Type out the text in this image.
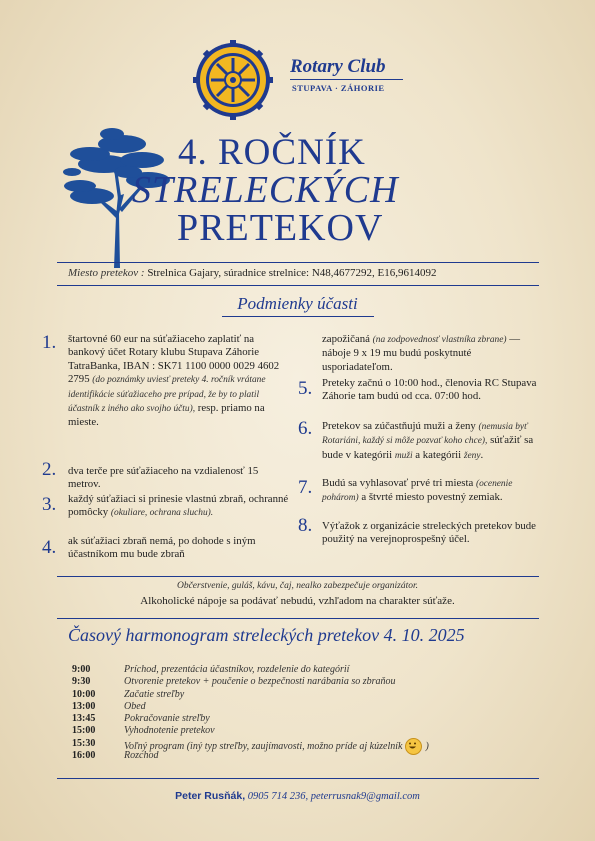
Rotary Club
STUPAVA · ZÁHORIE
4. ROČNÍK
STRELECKÝCH
PRETEKOV
Miesto pretekov : Strelnica Gajary, súradnice strelnice: N48,4677292, E16,9614092
Podmienky účasti
1. štartovné 60 eur na súťažiaceho zaplatiť na bankový účet Rotary klubu Stupava Záhorie TatraBanka, IBAN : SK71 1100 0000 0029 4602 2795 (do poznámky uviesť preteky 4. ročník vrátane identifikácie súťažiaceho pre prípad, že by to platil účastník z iného ako svojho účtu), resp. priamo na mieste.
2. dva terče pre súťažiaceho na vzdialenosť 15 metrov.
3. každý súťažiaci si prinesie vlastnú zbraň, ochranné pomôcky (okuliare, ochrana sluchu).
4. ak súťažiaci zbraň nemá, po dohode s iným účastníkom mu bude zbraň
zapožičaná (na zodpovednosť vlastníka zbrane) — náboje 9 x 19 mu budú poskytnuté usporiadateľom.
5. Preteky začnú o 10:00 hod., členovia RC Stupava Záhorie tam budú od cca. 07:00 hod.
6. Pretekov sa zúčastňujú muži a ženy (nemusia byť Rotariáni, každý si môže pozvať koho chce), súťažiť sa bude v kategórii muži a kategórii ženy.
7. Budú sa vyhlasovať prvé tri miesta (ocenenie pohárom) a štvrté miesto povestný zemiak.
8. Výťažok z organizácie streleckých pretekov bude použitý na verejnoprospešný účel.
Občerstvenie, guláš, kávu, čaj, nealko zabezpečuje organizátor.
Alkoholické nápoje sa podávať nebudú, vzhľadom na charakter súťaže.
Časový harmonogram streleckých pretekov 4. 10. 2025
9:00	Príchod, prezentácia účastníkov, rozdelenie do kategórií
9:30	Otvorenie pretekov + poučenie o bezpečnosti narábania so zbraňou
10:00	Začatie streľby
13:00	Obed
13:45	Pokračovanie streľby
15:00	Vyhodnotenie pretekov
15:30	Voľný program (iný typ streľby, zaujímavosti, možno príde aj kúzelník )
16:00	Rozchod
Peter Rusňák, 0905 714 236, peterrusnak9@gmail.com
